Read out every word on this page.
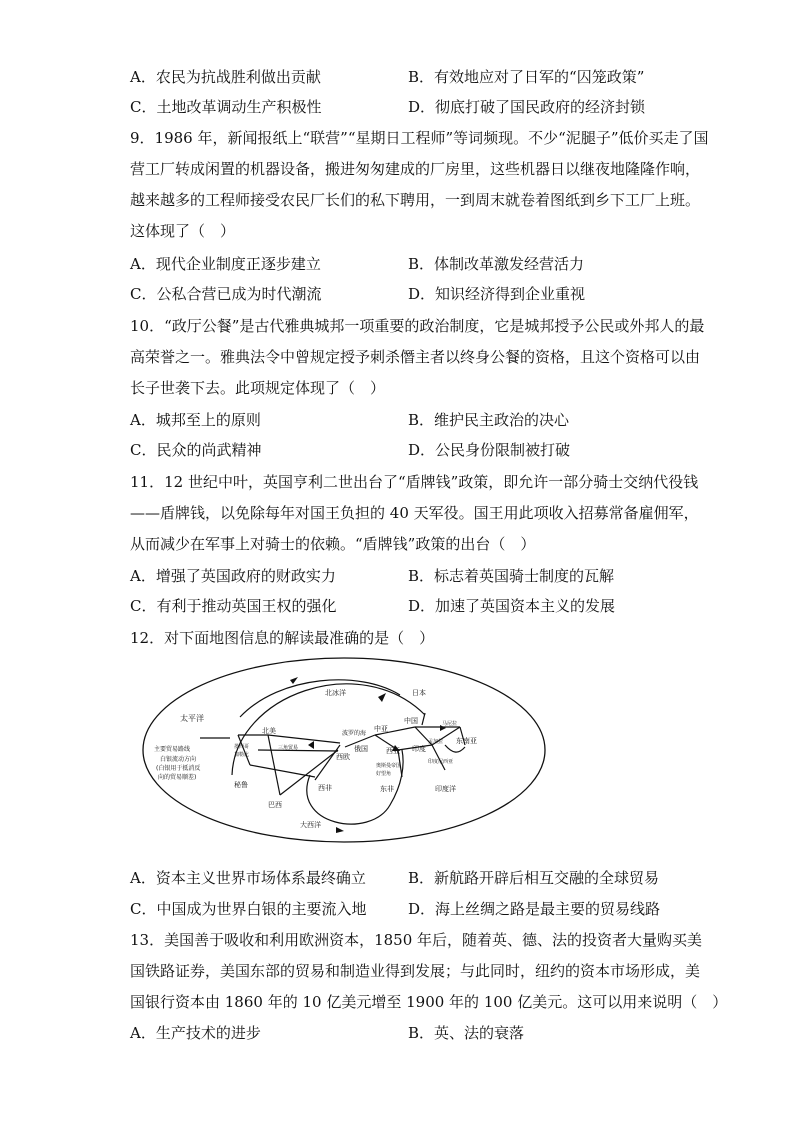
A．农民为抗战胜利做出贡献	B．有效地应对了日军的“囚笼政策”
C．土地改革调动生产积极性	D．彻底打破了国民政府的经济封锁
9．1986 年，新闻报纸上“联营”“星期日工程师”等词频现。不少“泥腿子”低价买走了国
营工厂转成闲置的机器设备，搬进匆匆建成的厂房里，这些机器日以继夜地隆隆作响，
越来越多的工程师接受农民厂长们的私下聘用，一到周末就卷着图纸到乡下工厂上班。
这体现了（　）
A．现代企业制度正逐步建立	B．体制改革激发经营活力
C．公私合营已成为时代潮流	D．知识经济得到企业重视
10．“政厅公餐”是古代雅典城邦一项重要的政治制度，它是城邦授予公民或外邦人的最
高荣誉之一。雅典法令中曾规定授予刺杀僭主者以终身公餐的资格，且这个资格可以由
长子世袭下去。此项规定体现了（　）
A．城邦至上的原则	B．维护民主政治的决心
C．民众的尚武精神	D．公民身份限制被打破
11．12 世纪中叶，英国亨利二世出台了“盾牌钱”政策，即允许一部分骑士交纳代役钱
——盾牌钱，以免除每年对国王负担的 40 天军役。国王用此项收入招募常备雇佣军，
从而减少在军事上对骑士的依赖。“盾牌钱”政策的出台（　）
A．增强了英国政府的财政实力	B．标志着英国骑士制度的瓦解
C．有利于推动英国王权的强化	D．加速了英国资本主义的发展
12．对下面地图信息的解读最准确的是（　）
太平洋
北冰洋
大西洋
印度洋
主要贸易路线
白银流动方向
(白银用于抵消反
向的贸易顺差)
北美
墨西哥
加勒比
三角贸易
秘鲁
巴西
西非
西欧
波罗的海
俄国
中亚
西亚
奥斯曼帝国
好望角
东非
日本
中国	马尼拉
东南亚
孟加拉
印度
印度尼西亚
A．资本主义世界市场体系最终确立	B．新航路开辟后相互交融的全球贸易
C．中国成为世界白银的主要流入地	D．海上丝绸之路是最主要的贸易线路
13．美国善于吸收和利用欧洲资本，1850 年后，随着英、德、法的投资者大量购买美
国铁路证券，美国东部的贸易和制造业得到发展；与此同时，纽约的资本市场形成，美
国银行资本由 1860 年的 10 亿美元增至 1900 年的 100 亿美元。这可以用来说明（　）
A．生产技术的进步	B．英、法的衰落
